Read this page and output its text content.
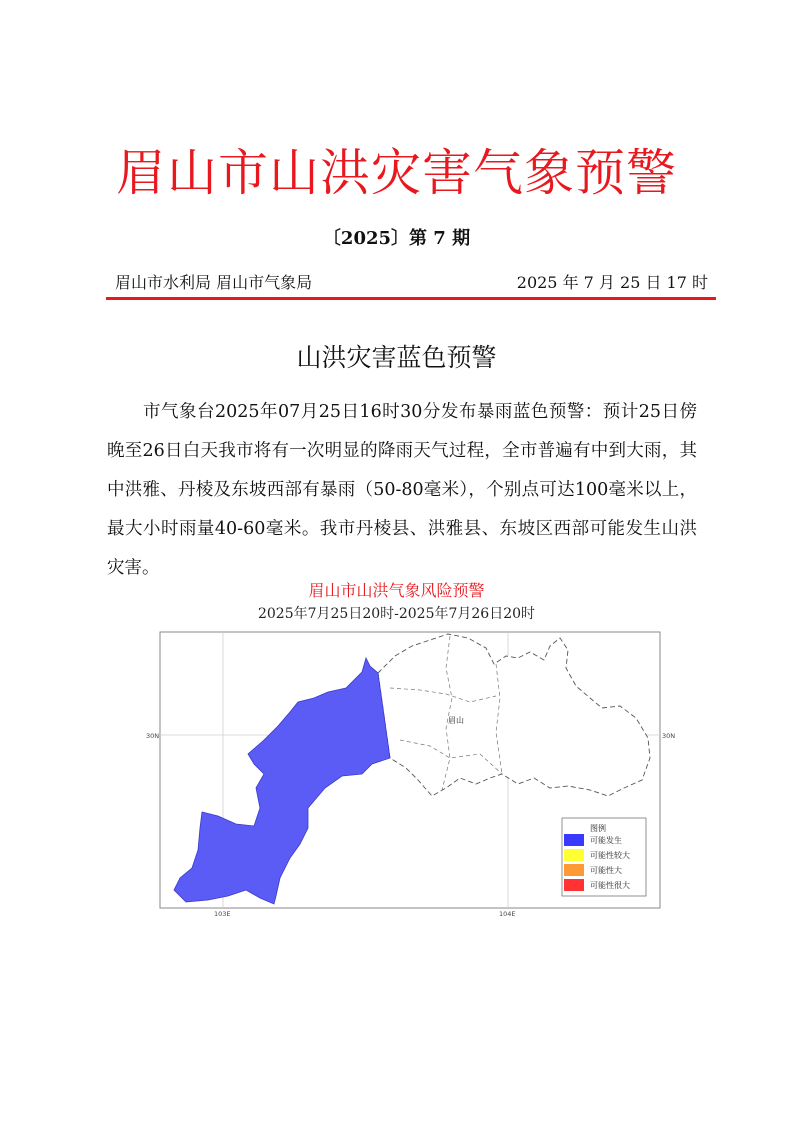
眉山市山洪灾害气象预警
〔2025〕第 7 期
眉山市水利局 眉山市气象局	2025 年 7 月 25 日 17 时
山洪灾害蓝色预警

市气象台2025年07月25日16时30分发布暴雨蓝色预警：预计25日傍晚至26日白天我市将有一次明显的降雨天气过程，全市普遍有中到大雨，其中洪雅、丹棱及东坡西部有暴雨（50-80毫米），个别点可达100毫米以上，最大小时雨量40-60毫米。我市丹棱县、洪雅县、东坡区西部可能发生山洪灾害。

眉山市山洪气象风险预警
2025年7月25日20时-2025年7月26日20时
眉山
30N	30N
103E	104E
图例
可能发生
可能性较大
可能性大
可能性很大
